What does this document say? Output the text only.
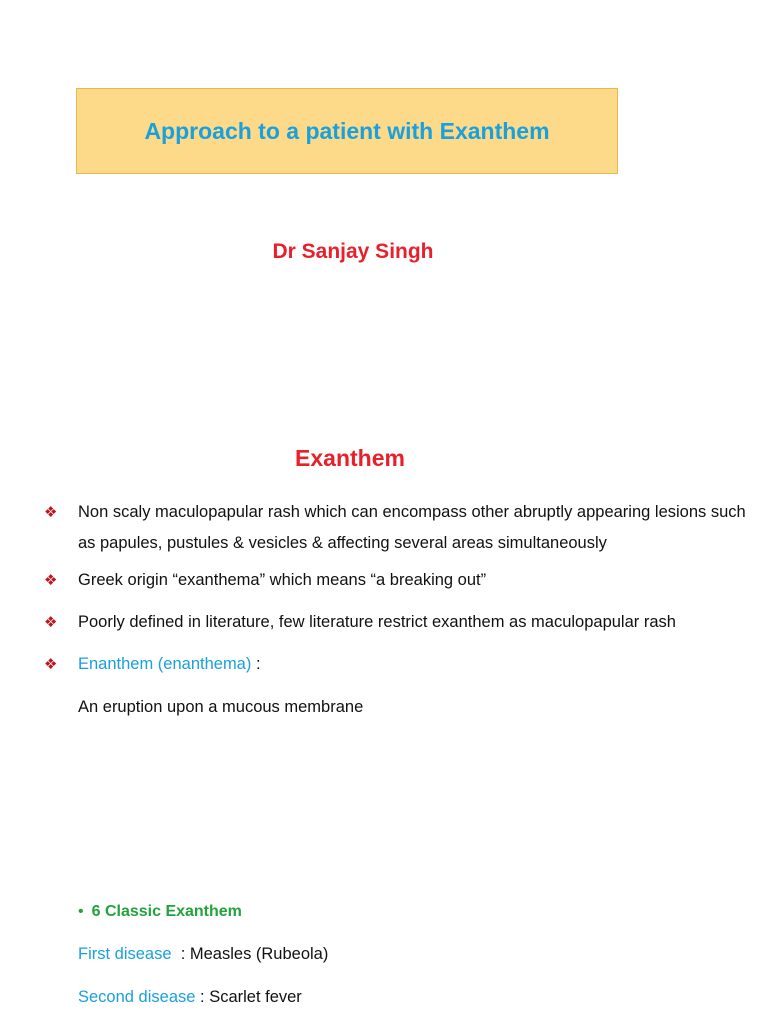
Approach to a patient with Exanthem
Dr Sanjay Singh
Exanthem
❖	Non scaly maculopapular rash which can encompass other abruptly appearing lesions such as papules, pustules & vesicles & affecting several areas simultaneously
❖	Greek origin “exanthema” which means “a breaking out”
❖	Poorly defined in literature, few literature restrict exanthem as maculopapular rash
❖	Enanthem (enanthema) :
An eruption upon a mucous membrane
• 6 Classic Exanthem
First disease  : Measles (Rubeola)
Second disease : Scarlet fever
